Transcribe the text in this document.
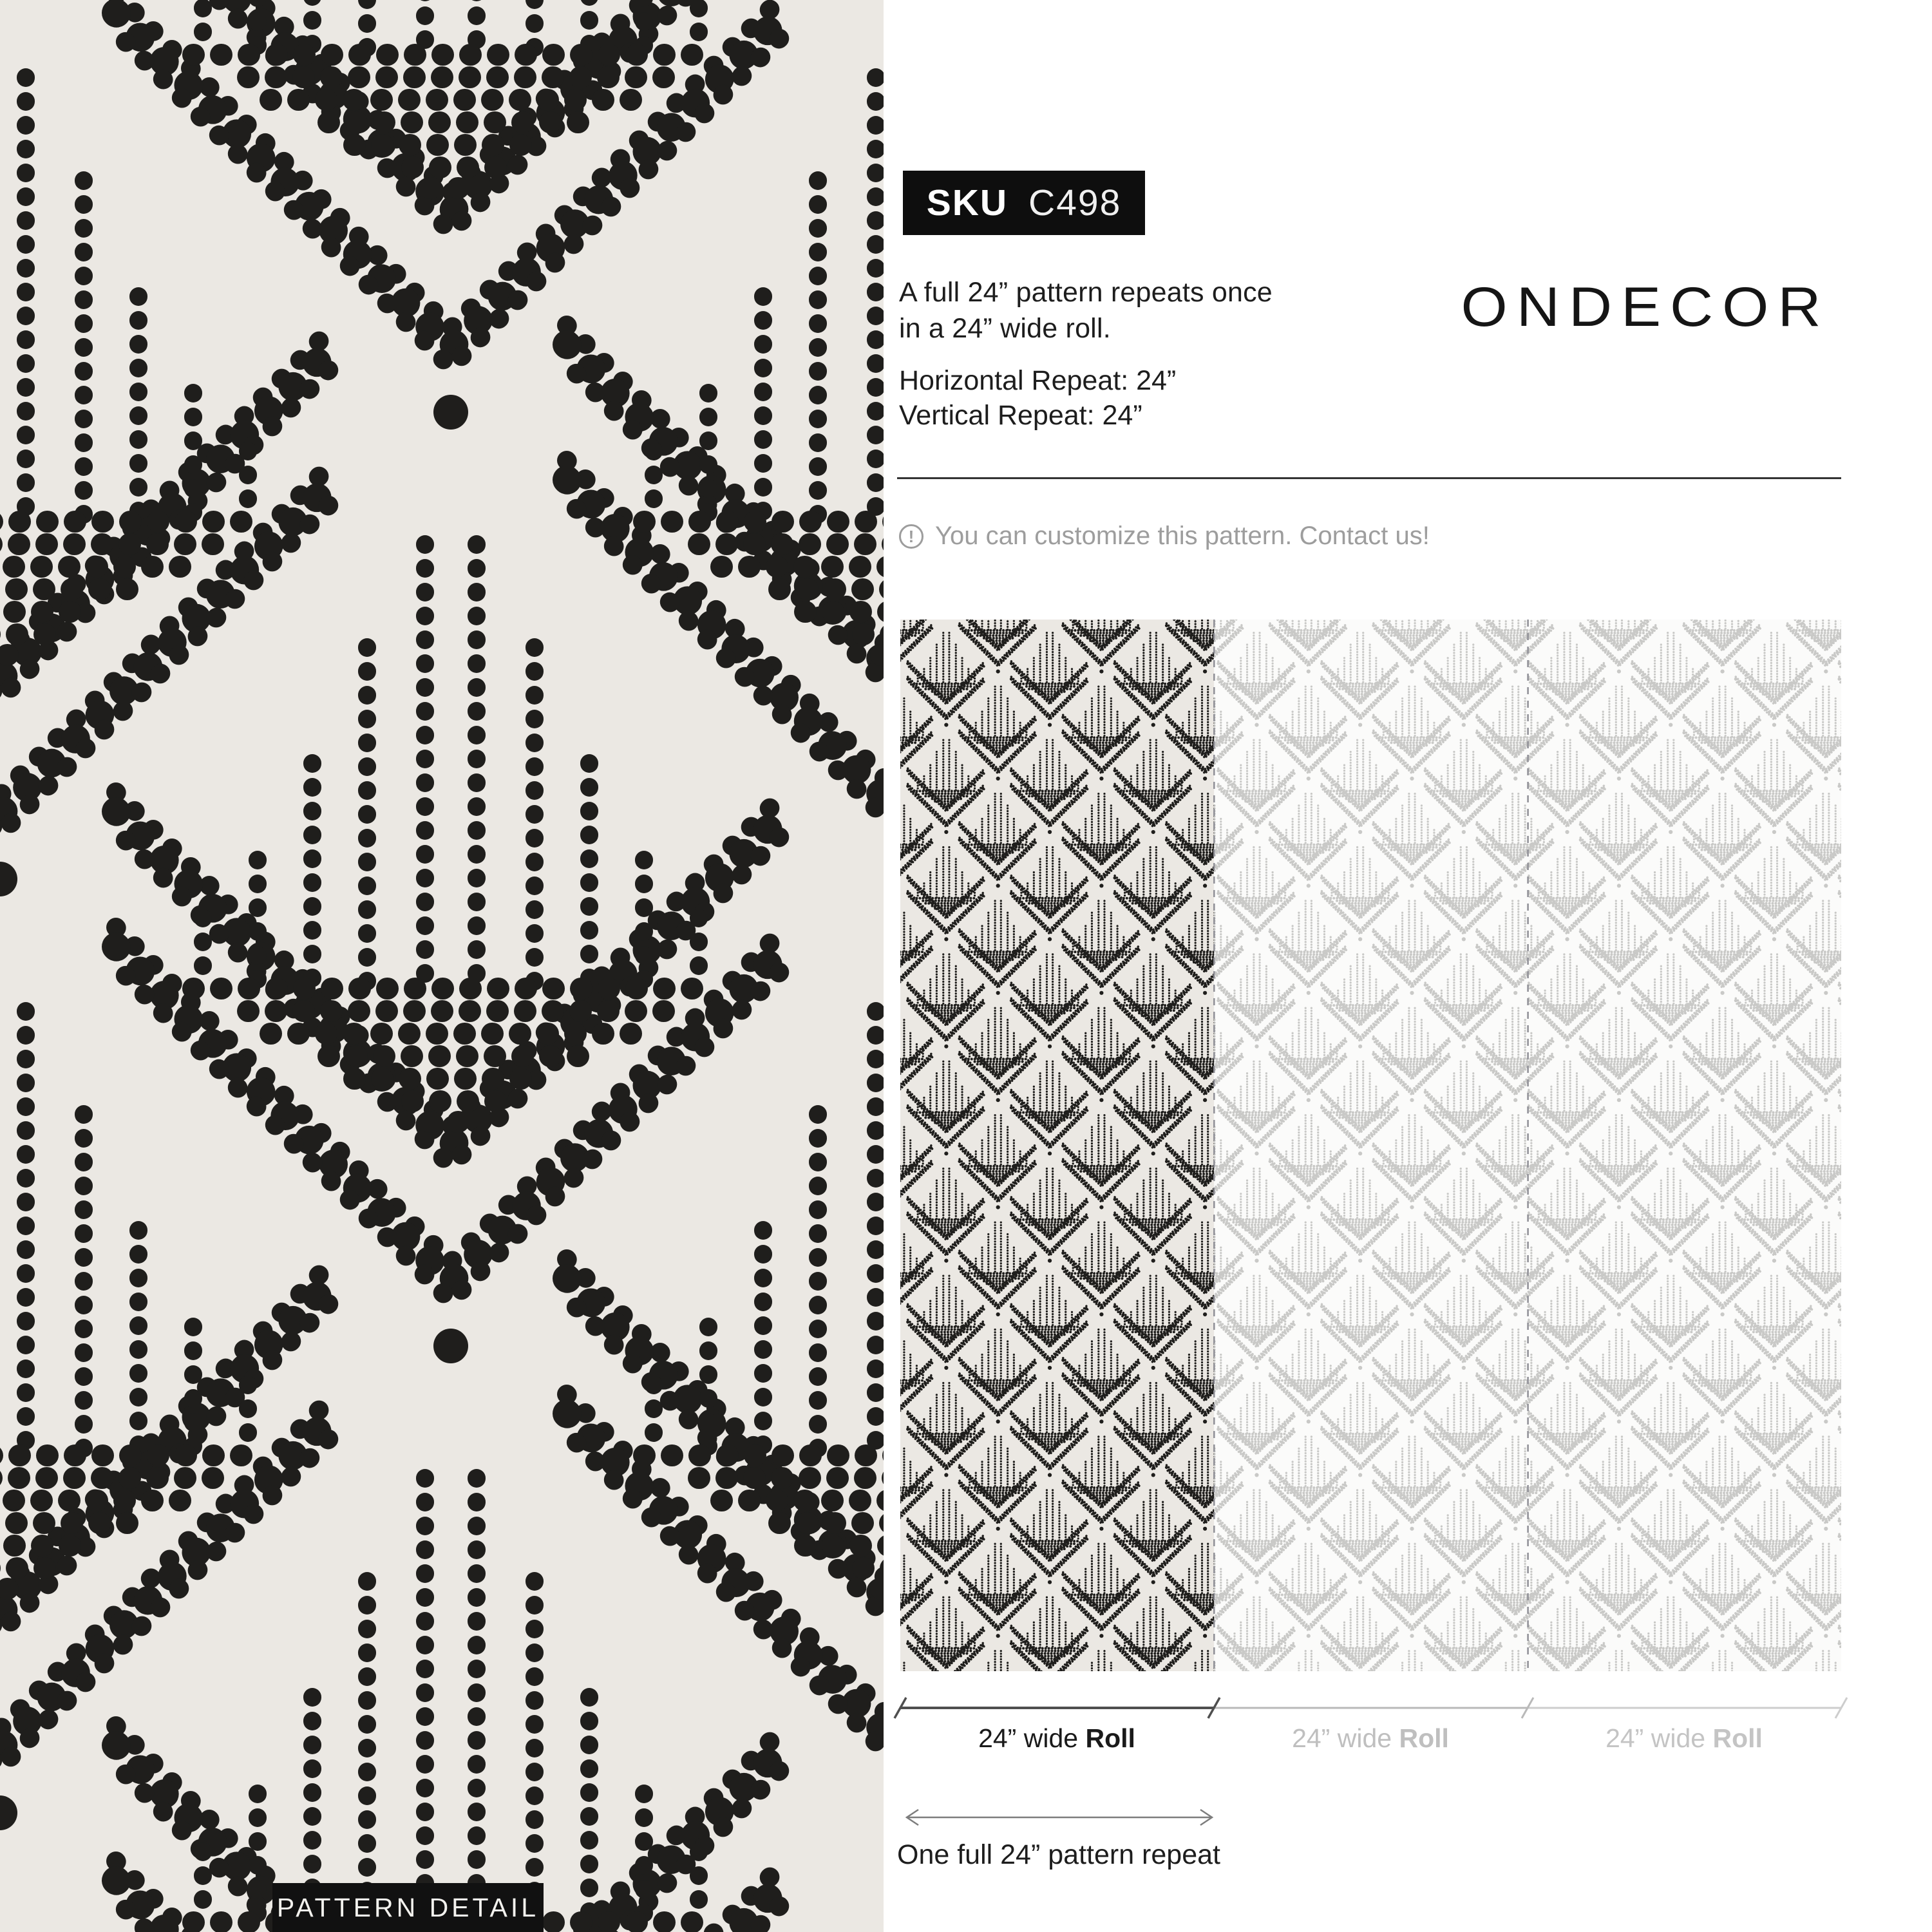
PATTERN DETAIL
SKU C498
A full 24” pattern repeats once
in a 24” wide roll.
Horizontal Repeat: 24”
Vertical Repeat: 24”
ONDECOR
! You can customize this pattern. Contact us!
24” wide Roll	24” wide Roll	24” wide Roll
One full 24” pattern repeat
